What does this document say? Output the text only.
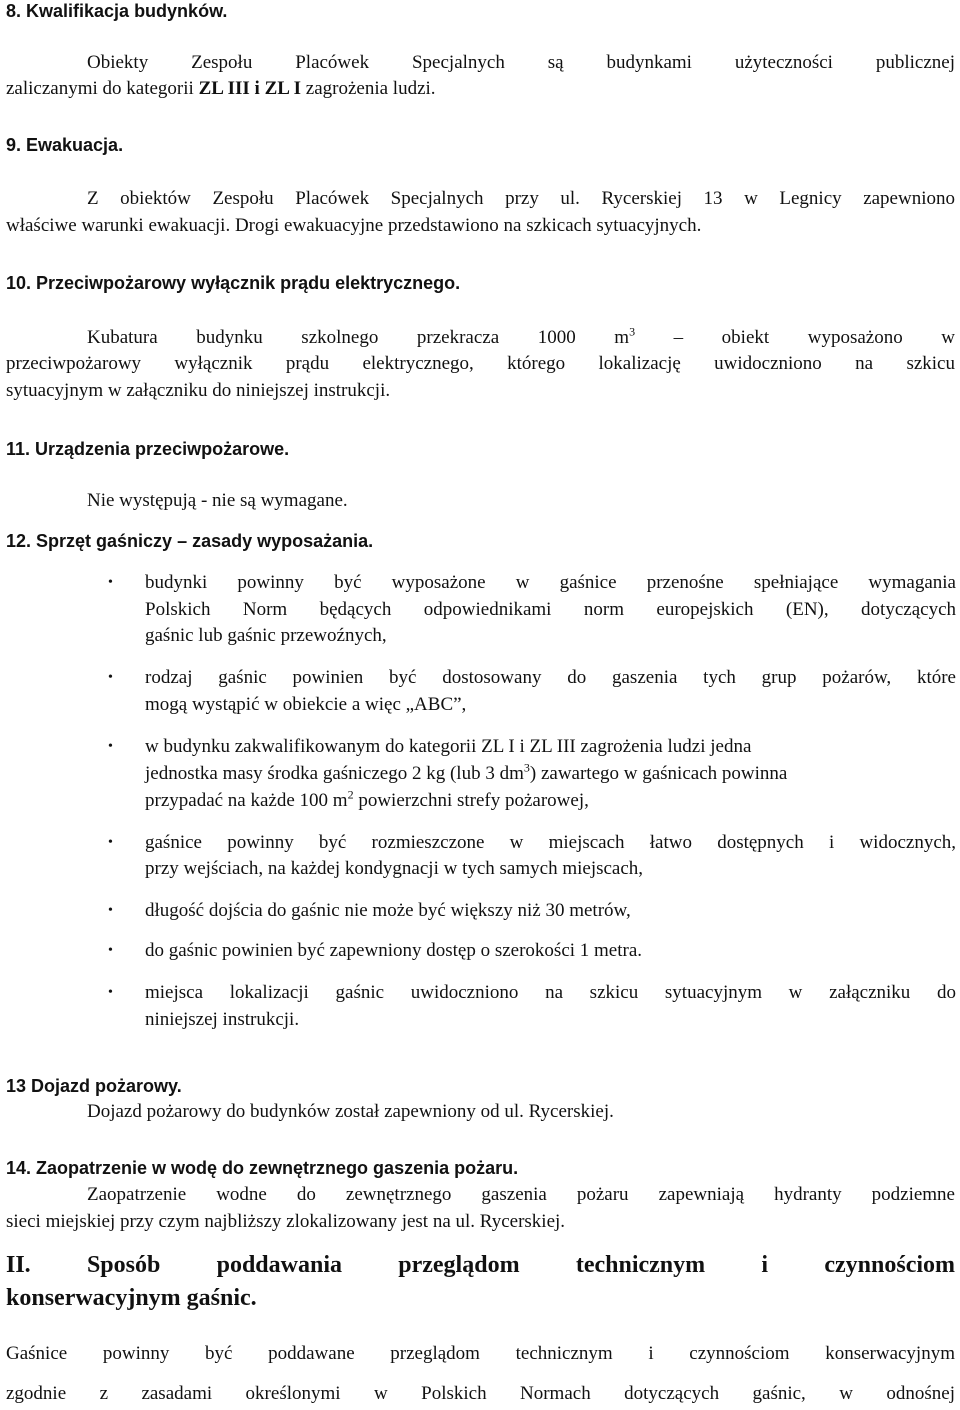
8. Kwalifikacja budynków.
Obiekty Zespołu Placówek Specjalnych są budynkami użyteczności publicznej
zaliczanymi do kategorii ZL III i ZL I zagrożenia ludzi.
9. Ewakuacja.
Z obiektów Zespołu Placówek Specjalnych przy ul. Rycerskiej 13 w Legnicy zapewniono
właściwe warunki ewakuacji. Drogi ewakuacyjne przedstawiono na szkicach sytuacyjnych.
10. Przeciwpożarowy wyłącznik prądu elektrycznego.
Kubatura budynku szkolnego przekracza 1000 $m^3$ – obiekt wyposażono w
przeciwpożarowy wyłącznik prądu elektrycznego, którego lokalizację uwidoczniono na szkicu
sytuacyjnym w załączniku do niniejszej instrukcji.
11. Urządzenia przeciwpożarowe.
Nie występują - nie są wymagane.
12. Sprzęt gaśniczy – zasady wyposażania.
• budynki powinny być wyposażone w gaśnice przenośne spełniające wymagania
Polskich Norm będących odpowiednikami norm europejskich (EN), dotyczących
gaśnic lub gaśnic przewoźnych,
• rodzaj gaśnic powinien być dostosowany do gaszenia tych grup pożarów, które
mogą wystąpić w obiekcie a więc „ABC”,
• w budynku zakwalifikowanym do kategorii ZL I i ZL III zagrożenia ludzi jedna
jednostka masy środka gaśniczego 2 kg (lub 3 $dm^3$) zawartego w gaśnicach powinna
przypadać na każde 100 $m^2$ powierzchni strefy pożarowej,
• gaśnice powinny być rozmieszczone w miejscach łatwo dostępnych i widocznych,
przy wejściach, na każdej kondygnacji w tych samych miejscach,
• długość dojścia do gaśnic nie może być większy niż 30 metrów,
• do gaśnic powinien być zapewniony dostęp o szerokości 1 metra.
• miejsca lokalizacji gaśnic uwidoczniono na szkicu sytuacyjnym w załączniku do
niniejszej instrukcji.
13 Dojazd pożarowy.
Dojazd pożarowy do budynków został zapewniony od ul. Rycerskiej.
14. Zaopatrzenie w wodę do zewnętrznego gaszenia pożaru.
Zaopatrzenie wodne do zewnętrznego gaszenia pożaru zapewniają hydranty podziemne
sieci miejskiej przy czym najbliższy zlokalizowany jest na ul. Rycerskiej.
II. Sposób poddawania przeglądom technicznym i czynnościom
konserwacyjnym gaśnic.
Gaśnice powinny być poddawane przeglądom technicznym i czynnościom konserwacyjnym
zgodnie z zasadami określonymi w Polskich Normach dotyczących gaśnic, w odnośnej
